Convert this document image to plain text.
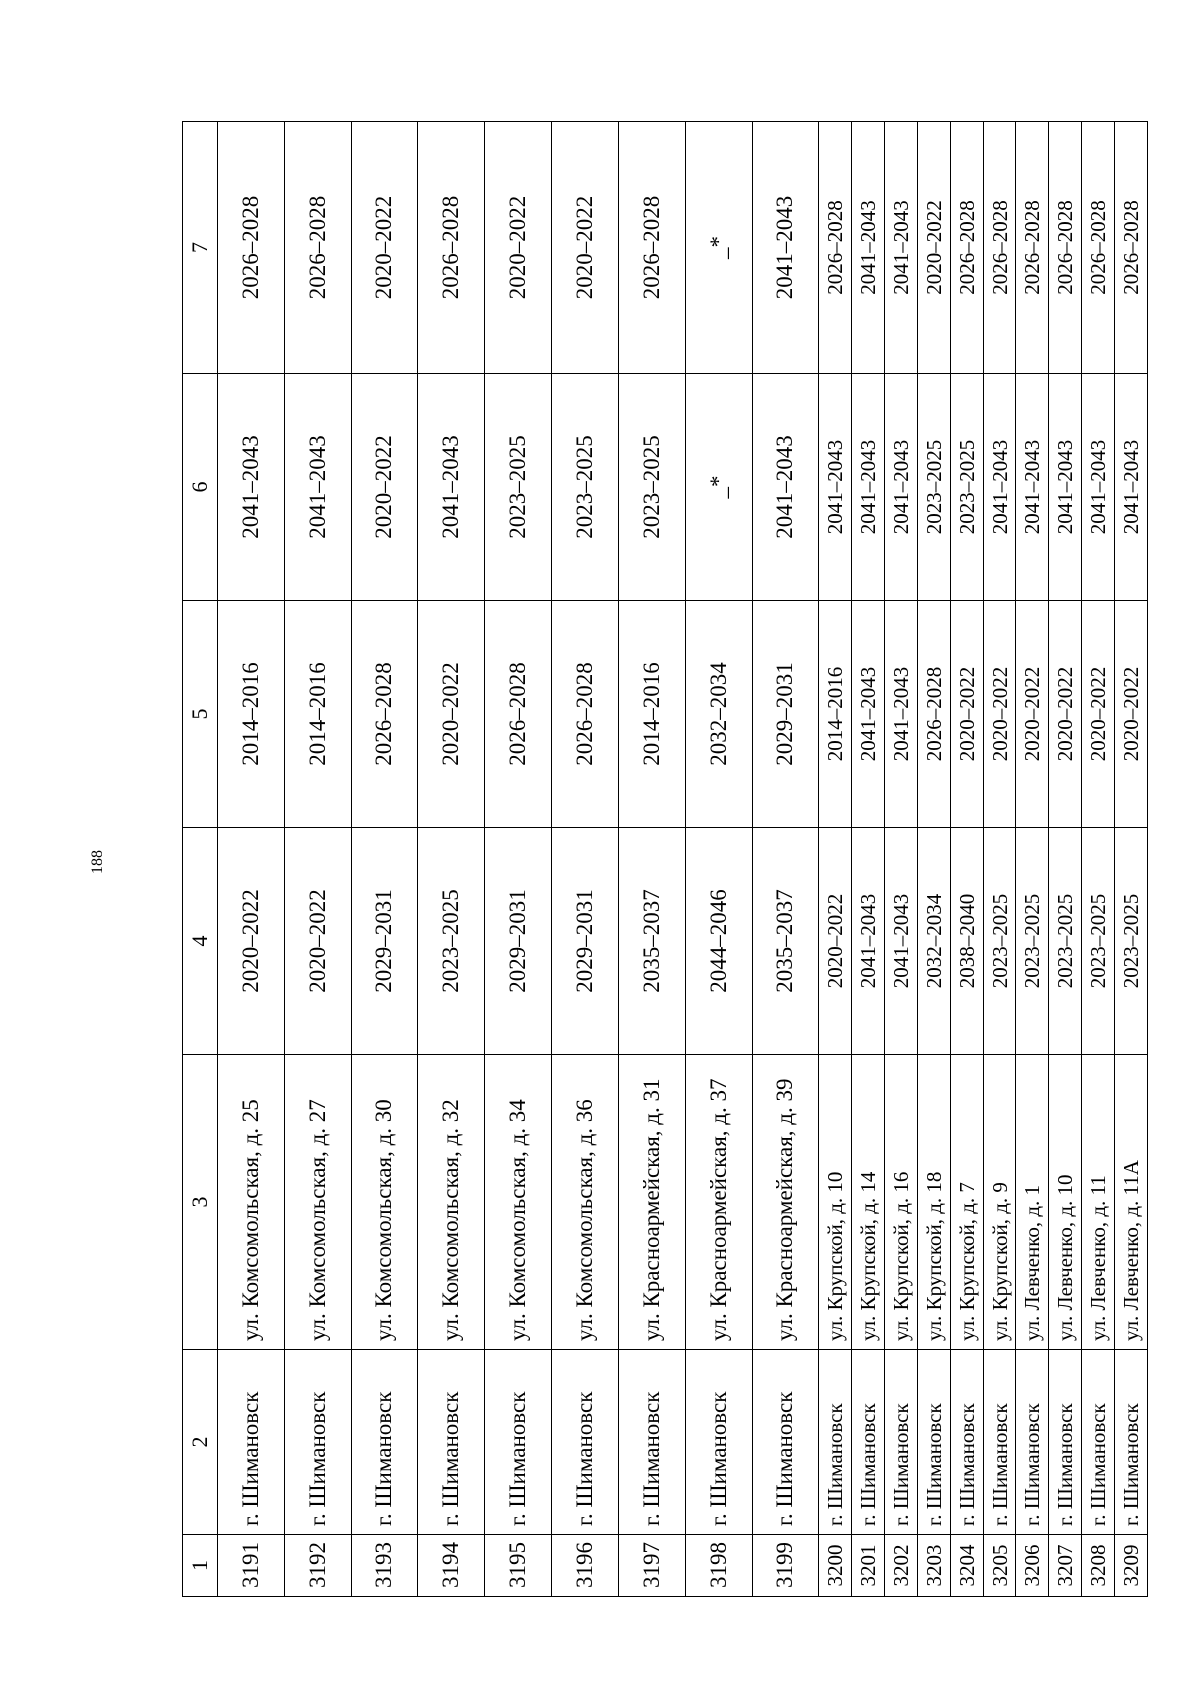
188
1	2	3	4	5	6	7
3191	г. Шимановск	ул. Комсомольская, д. 25	2020–2022	2014–2016	2041–2043	2026–2028
3192	г. Шимановск	ул. Комсомольская, д. 27	2020–2022	2014–2016	2041–2043	2026–2028
3193	г. Шимановск	ул. Комсомольская, д. 30	2029–2031	2026–2028	2020–2022	2020–2022
3194	г. Шимановск	ул. Комсомольская, д. 32	2023–2025	2020–2022	2041–2043	2026–2028
3195	г. Шимановск	ул. Комсомольская, д. 34	2029–2031	2026–2028	2023–2025	2020–2022
3196	г. Шимановск	ул. Комсомольская, д. 36	2029–2031	2026–2028	2023–2025	2020–2022
3197	г. Шимановск	ул. Красноармейская, д. 31	2035–2037	2014–2016	2023–2025	2026–2028
3198	г. Шимановск	ул. Красноармейская, д. 37	2044–2046	2032–2034	_*	_*
3199	г. Шимановск	ул. Красноармейская, д. 39	2035–2037	2029–2031	2041–2043	2041–2043
3200	г. Шимановск	ул. Крупской, д. 10	2020–2022	2014–2016	2041–2043	2026–2028
3201	г. Шимановск	ул. Крупской, д. 14	2041–2043	2041–2043	2041–2043	2041–2043
3202	г. Шимановск	ул. Крупской, д. 16	2041–2043	2041–2043	2041–2043	2041–2043
3203	г. Шимановск	ул. Крупской, д. 18	2032–2034	2026–2028	2023–2025	2020–2022
3204	г. Шимановск	ул. Крупской, д. 7	2038–2040	2020–2022	2023–2025	2026–2028
3205	г. Шимановск	ул. Крупской, д. 9	2023–2025	2020–2022	2041–2043	2026–2028
3206	г. Шимановск	ул. Левченко, д. 1	2023–2025	2020–2022	2041–2043	2026–2028
3207	г. Шимановск	ул. Левченко, д. 10	2023–2025	2020–2022	2041–2043	2026–2028
3208	г. Шимановск	ул. Левченко, д. 11	2023–2025	2020–2022	2041–2043	2026–2028
3209	г. Шимановск	ул. Левченко, д. 11А	2023–2025	2020–2022	2041–2043	2026–2028
